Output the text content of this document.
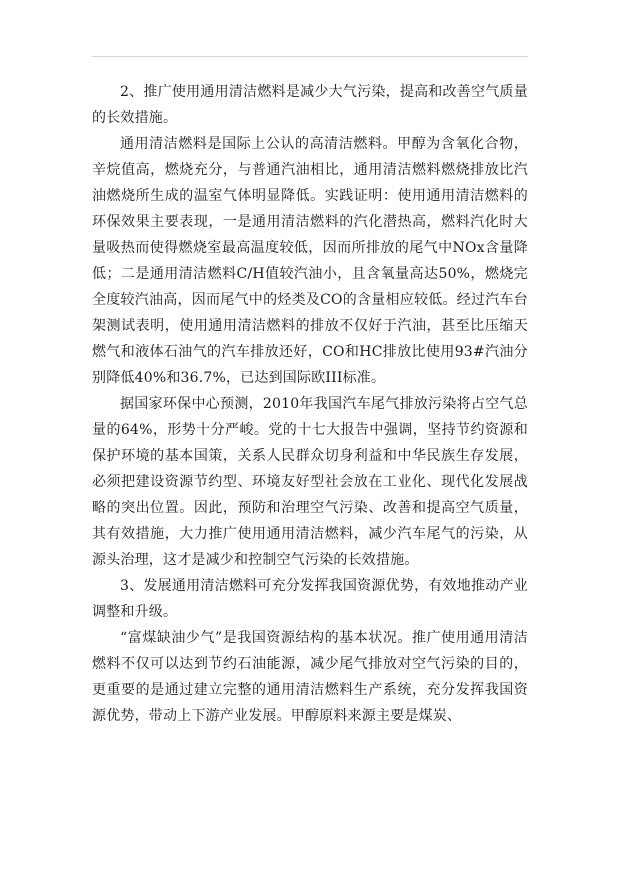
2、推广使用通用清洁燃料是减少大气污染，提高和改善空气质量的长效措施。

通用清洁燃料是国际上公认的高清洁燃料。甲醇为含氧化合物，辛烷值高，燃烧充分，与普通汽油相比，通用清洁燃料燃烧排放比汽油燃烧所生成的温室气体明显降低。实践证明：使用通用清洁燃料的环保效果主要表现，一是通用清洁燃料的汽化潜热高，燃料汽化时大量吸热而使得燃烧室最高温度较低，因而所排放的尾气中NOx含量降低；二是通用清洁燃料C/H值较汽油小，且含氧量高达50%，燃烧完全度较汽油高，因而尾气中的烃类及CO的含量相应较低。经过汽车台架测试表明，使用通用清洁燃料的排放不仅好于汽油，甚至比压缩天燃气和液体石油气的汽车排放还好，CO和HC排放比使用93#汽油分别降低40%和36.7%，已达到国际欧III标准。

据国家环保中心预测，2010年我国汽车尾气排放污染将占空气总量的64%，形势十分严峻。党的十七大报告中强调，坚持节约资源和保护环境的基本国策，关系人民群众切身利益和中华民族生存发展，必须把建设资源节约型、环境友好型社会放在工业化、现代化发展战略的突出位置。因此，预防和治理空气污染、改善和提高空气质量，其有效措施，大力推广使用通用清洁燃料，减少汽车尾气的污染，从源头治理，这才是减少和控制空气污染的长效措施。

3、发展通用清洁燃料可充分发挥我国资源优势，有效地推动产业调整和升级。

“富煤缺油少气”是我国资源结构的基本状况。推广使用通用清洁燃料不仅可以达到节约石油能源，减少尾气排放对空气污染的目的，更重要的是通过建立完整的通用清洁燃料生产系统，充分发挥我国资源优势，带动上下游产业发展。甲醇原料来源主要是煤炭、
